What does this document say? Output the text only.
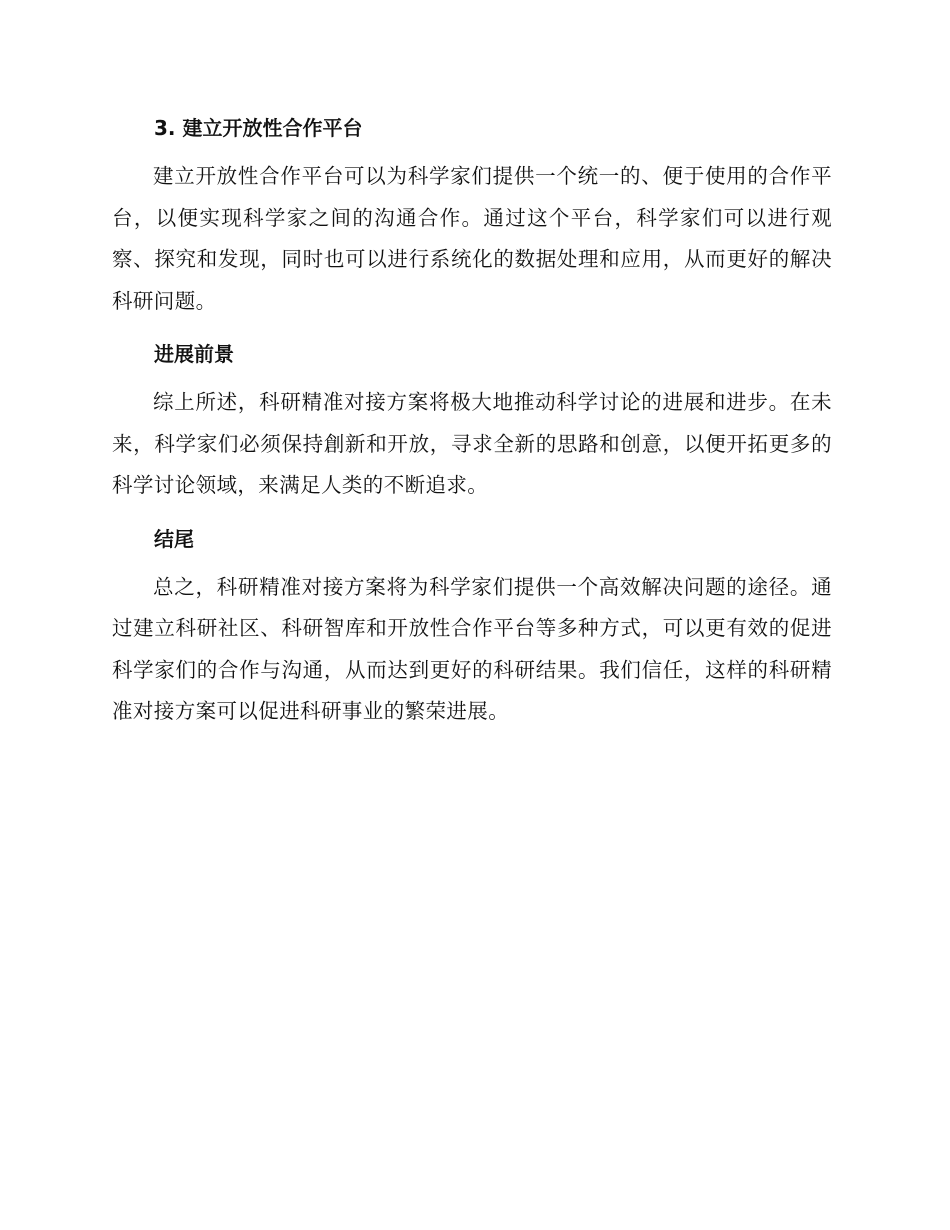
3. 建立开放性合作平台

建立开放性合作平台可以为科学家们提供一个统一的、便于使用的合作平台，以便实现科学家之间的沟通合作。通过这个平台，科学家们可以进行观察、探究和发现，同时也可以进行系统化的数据处理和应用，从而更好的解决科研问题。

进展前景

综上所述，科研精准对接方案将极大地推动科学讨论的进展和进步。在未来，科学家们必须保持創新和开放，寻求全新的思路和创意，以便开拓更多的科学讨论领域，来满足人类的不断追求。

结尾

总之，科研精准对接方案将为科学家们提供一个高效解决问题的途径。通过建立科研社区、科研智库和开放性合作平台等多种方式，可以更有效的促进科学家们的合作与沟通，从而达到更好的科研结果。我们信任，这样的科研精准对接方案可以促进科研事业的繁荣进展。
